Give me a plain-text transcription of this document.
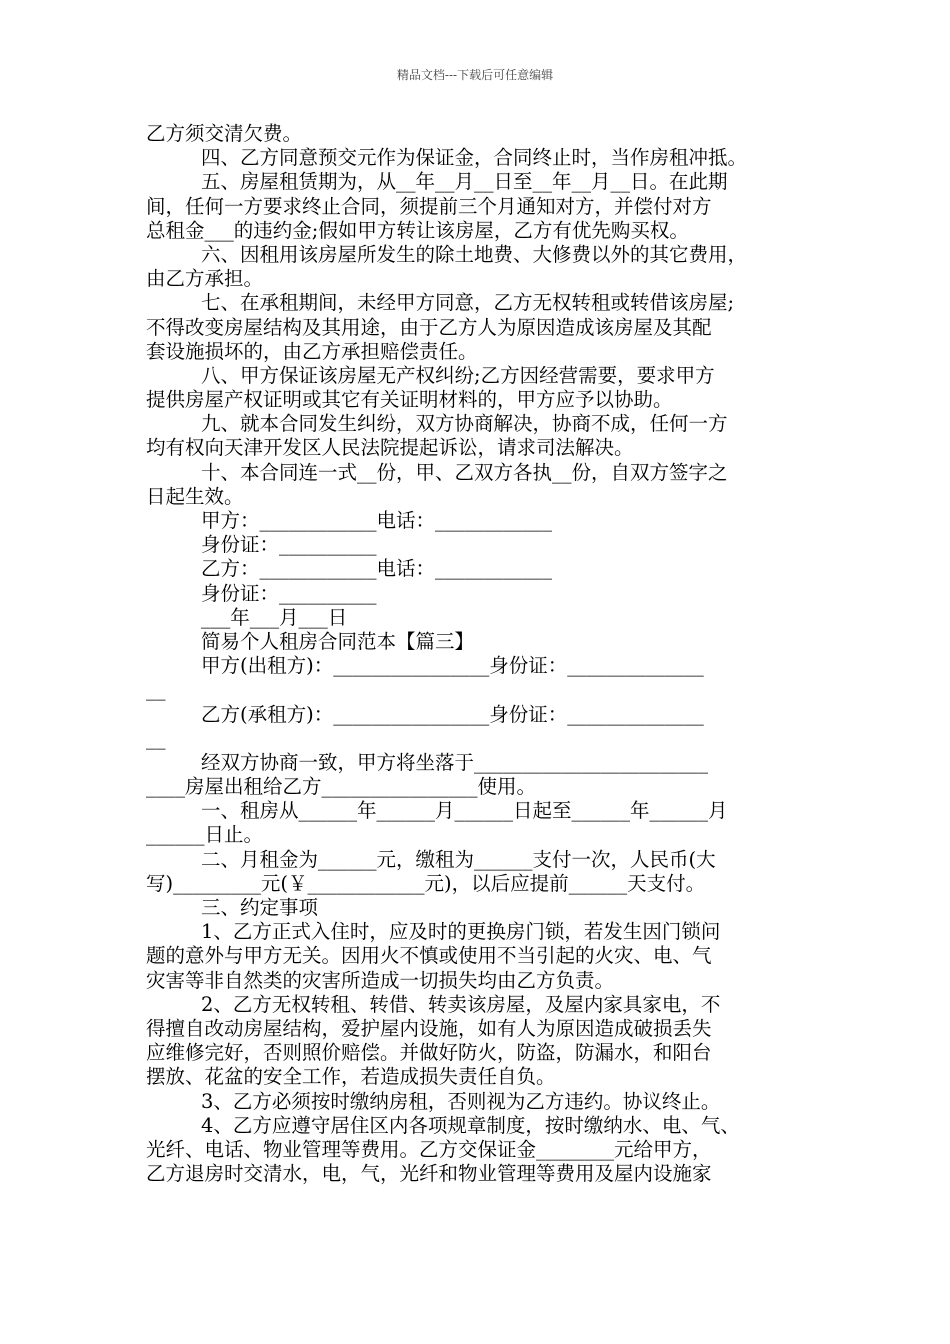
精品文档---下载后可任意编辑
乙方须交清欠费。
四、乙方同意预交元作为保证金，合同终止时，当作房租冲抵。
五、房屋租赁期为，从__年__月__日至__年__月__日。在此期
间，任何一方要求终止合同，须提前三个月通知对方，并偿付对方
总租金___的违约金;假如甲方转让该房屋，乙方有优先购买权。
六、因租用该房屋所发生的除土地费、大修费以外的其它费用，
由乙方承担。
七、在承租期间，未经甲方同意，乙方无权转租或转借该房屋;
不得改变房屋结构及其用途，由于乙方人为原因造成该房屋及其配
套设施损坏的，由乙方承担赔偿责任。
八、甲方保证该房屋无产权纠纷;乙方因经营需要，要求甲方
提供房屋产权证明或其它有关证明材料的，甲方应予以协助。
九、就本合同发生纠纷，双方协商解决，协商不成，任何一方
均有权向天津开发区人民法院提起诉讼，请求司法解决。
十、本合同连一式__份，甲、乙双方各执__份，自双方签字之
日起生效。
甲方：____________电话：____________
身份证：__________
乙方：____________电话：____________
身份证：__________
___年___月___日
简易个人租房合同范本【篇三】
甲方(出租方)：________________身份证：______________
__
乙方(承租方)：________________身份证：______________
__
经双方协商一致，甲方将坐落于________________________
____房屋出租给乙方________________使用。
一、租房从______年______月______日起至______年______月
______日止。
二、月租金为______元，缴租为______支付一次，人民币(大
写)_________元(￥____________元)，以后应提前______天支付。
三、约定事项
1、乙方正式入住时，应及时的更换房门锁，若发生因门锁问
题的意外与甲方无关。因用火不慎或使用不当引起的火灾、电、气
灾害等非自然类的灾害所造成一切损失均由乙方负责。
2、乙方无权转租、转借、转卖该房屋，及屋内家具家电，不
得擅自改动房屋结构，爱护屋内设施，如有人为原因造成破损丢失
应维修完好，否则照价赔偿。并做好防火，防盗，防漏水，和阳台
摆放、花盆的安全工作，若造成损失责任自负。
3、乙方必须按时缴纳房租，否则视为乙方违约。协议终止。
4、乙方应遵守居住区内各项规章制度，按时缴纳水、电、气、
光纤、电话、物业管理等费用。乙方交保证金________元给甲方，
乙方退房时交清水，电，气，光纤和物业管理等费用及屋内设施家
